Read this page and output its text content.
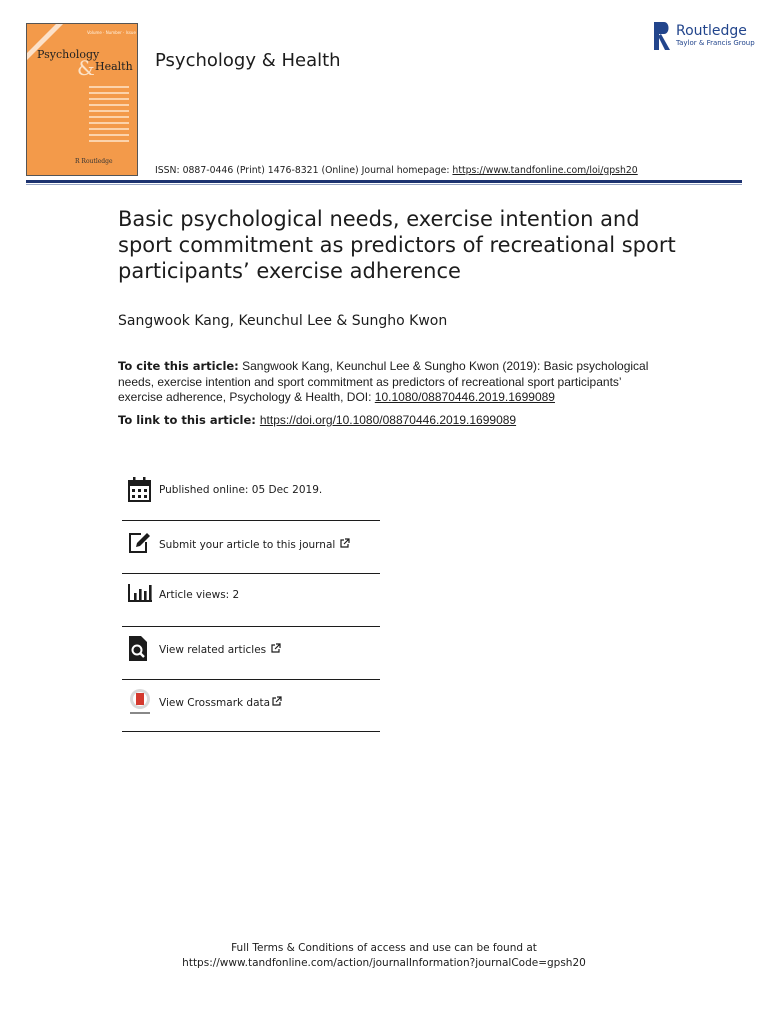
Volume · Number · Issue
Psychology
& Health
R Routledge
Psychology & Health
Routledge
Taylor & Francis Group
ISSN: 0887-0446 (Print) 1476-8321 (Online) Journal homepage: https://www.tandfonline.com/loi/gpsh20
Basic psychological needs, exercise intention and sport commitment as predictors of recreational sport participants’ exercise adherence
Sangwook Kang, Keunchul Lee & Sungho Kwon
To cite this article: Sangwook Kang, Keunchul Lee & Sungho Kwon (2019): Basic psychological needs, exercise intention and sport commitment as predictors of recreational sport participants’ exercise adherence, Psychology & Health, DOI: 10.1080/08870446.2019.1699089
To link to this article: https://doi.org/10.1080/08870446.2019.1699089
Published online: 05 Dec 2019.
Submit your article to this journal
Article views: 2
View related articles
View Crossmark data
Full Terms & Conditions of access and use can be found at
https://www.tandfonline.com/action/journalInformation?journalCode=gpsh20
